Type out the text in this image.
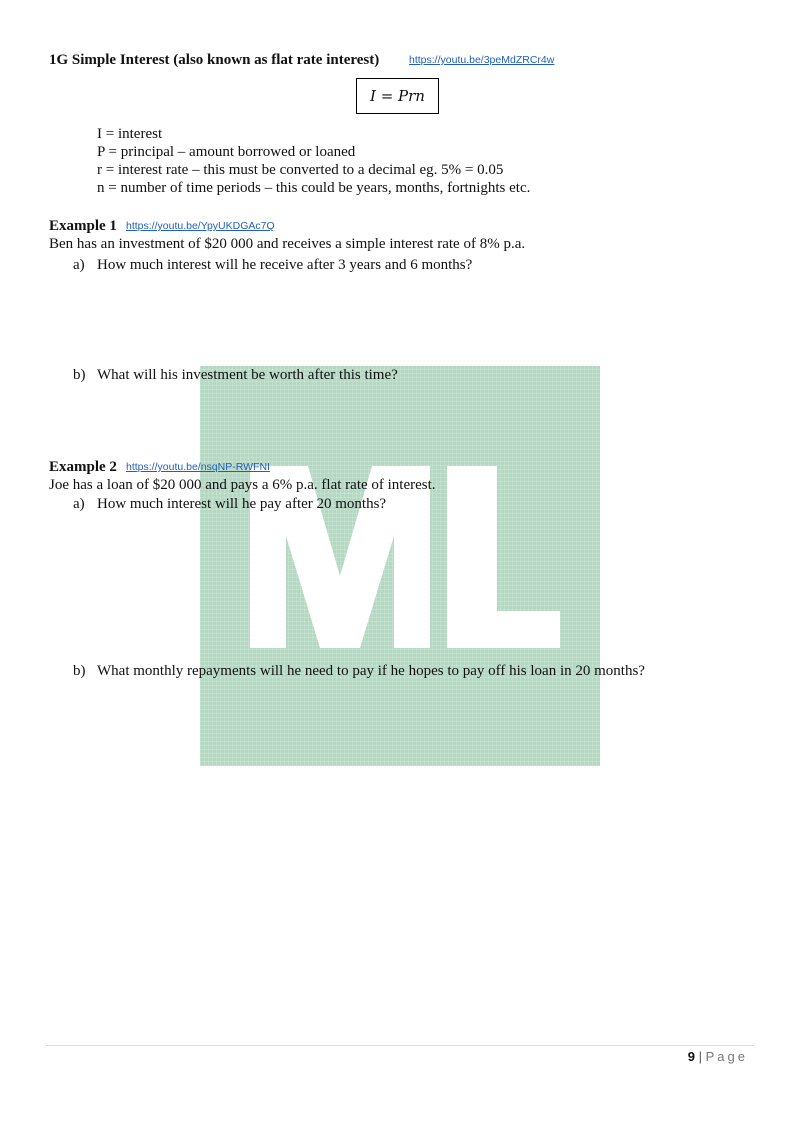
1G Simple Interest (also known as flat rate interest)	https://youtu.be/3peMdZRCr4w
I = Prn
I = interest
P = principal – amount borrowed or loaned
r = interest rate – this must be converted to a decimal eg. 5% = 0.05
n = number of time periods – this could be years, months, fortnights etc.
Example 1 https://youtu.be/YpyUKDGAc7Q
Ben has an investment of $20 000 and receives a simple interest rate of 8% p.a.
a) How much interest will he receive after 3 years and 6 months?
b) What will his investment be worth after this time?
Example 2 https://youtu.be/nsqNP-RWFNI
Joe has a loan of $20 000 and pays a 6% p.a. flat rate of interest.
a) How much interest will he pay after 20 months?
b) What monthly repayments will he need to pay if he hopes to pay off his loan in 20 months?
9 | Page
